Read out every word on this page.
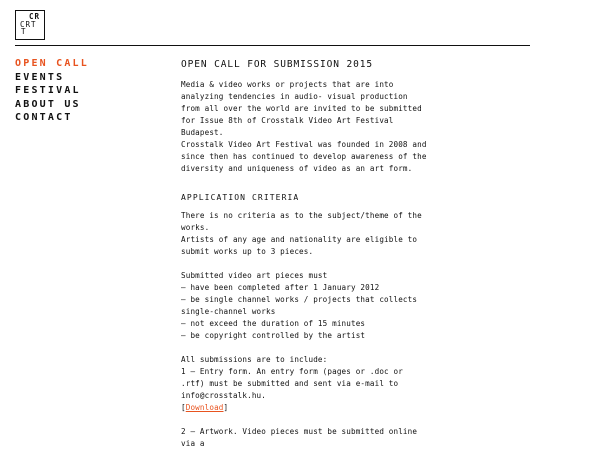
CR
CRT
T
OPEN CALL
EVENTS
FESTIVAL
ABOUT US
CONTACT
OPEN CALL FOR SUBMISSION 2015

Media & video works or projects that are into analyzing tendencies in audio- visual production from all over the world are invited to be submitted for Issue 8th of Crosstalk Video Art Festival Budapest.

Crosstalk Video Art Festival was founded in 2008 and since then has continued to develop awareness of the diversity and uniqueness of video as an art form.

APPLICATION CRITERIA

There is no criteria as to the subject/theme of the works.

Artists of any age and nationality are eligible to submit works up to 3 pieces.

Submitted video art pieces must

– have been completed after 1 January 2012

– be single channel works / projects that collects single-channel works

– not exceed the duration of 15 minutes

– be copyright controlled by the artist

All submissions are to include:

1 – Entry form. An entry form (pages or .doc or .rtf) must be submitted and sent via e-mail to info@crosstalk.hu.

[Download]

2 – Artwork. Video pieces must be submitted online via a
